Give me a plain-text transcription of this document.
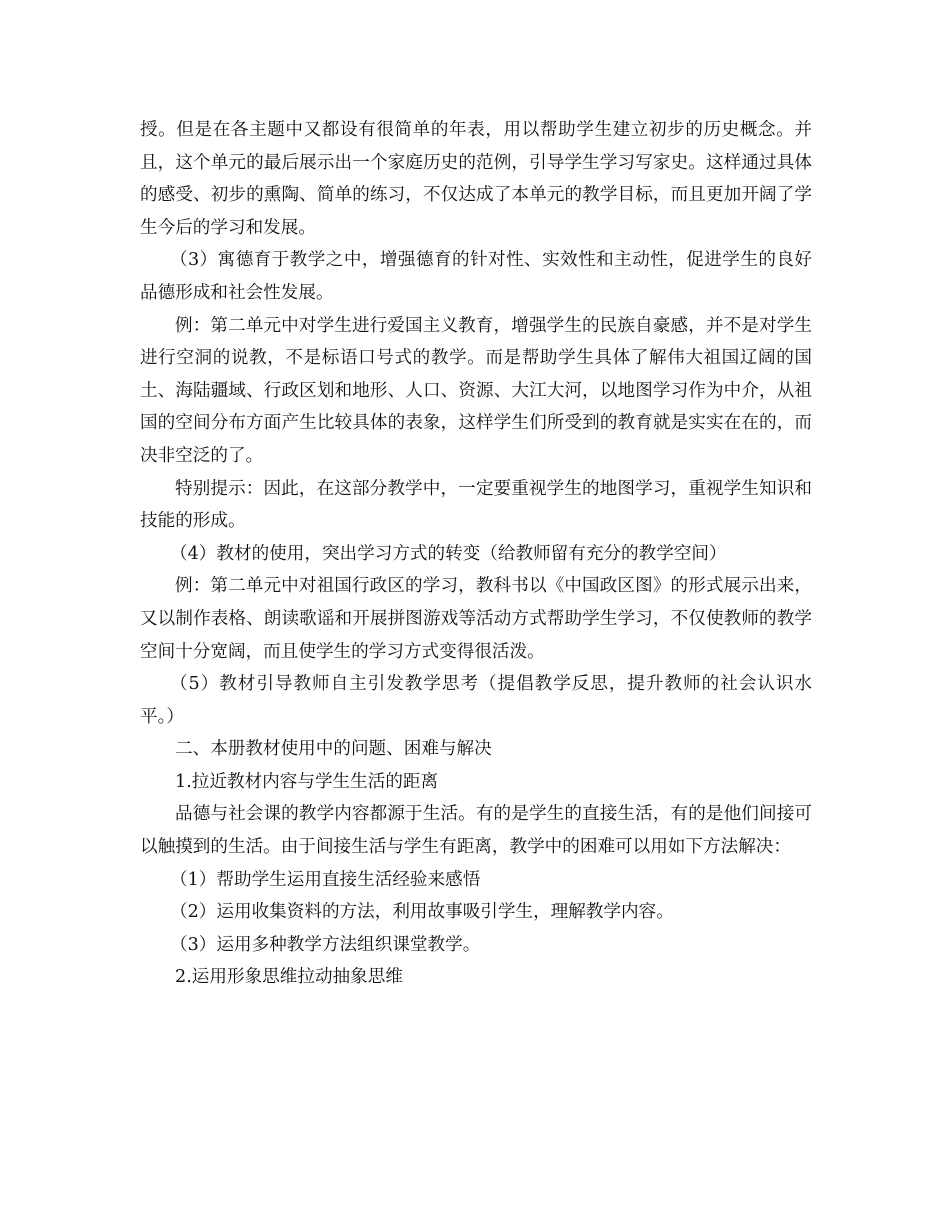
授。但是在各主题中又都设有很简单的年表，用以帮助学生建立初步的历史概念。并且，这个单元的最后展示出一个家庭历史的范例，引导学生学习写家史。这样通过具体的感受、初步的熏陶、简单的练习，不仅达成了本单元的教学目标，而且更加开阔了学生今后的学习和发展。

（3）寓德育于教学之中，增强德育的针对性、实效性和主动性，促进学生的良好品德形成和社会性发展。

例：第二单元中对学生进行爱国主义教育，增强学生的民族自豪感，并不是对学生进行空洞的说教，不是标语口号式的教学。而是帮助学生具体了解伟大祖国辽阔的国土、海陆疆域、行政区划和地形、人口、资源、大江大河，以地图学习作为中介，从祖国的空间分布方面产生比较具体的表象，这样学生们所受到的教育就是实实在在的，而决非空泛的了。

特别提示：因此，在这部分教学中，一定要重视学生的地图学习，重视学生知识和技能的形成。

（4）教材的使用，突出学习方式的转变（给教师留有充分的教学空间）

例：第二单元中对祖国行政区的学习，教科书以《中国政区图》的形式展示出来，又以制作表格、朗读歌谣和开展拼图游戏等活动方式帮助学生学习，不仅使教师的教学空间十分宽阔，而且使学生的学习方式变得很活泼。

（5）教材引导教师自主引发教学思考（提倡教学反思，提升教师的社会认识水平。）

二、本册教材使用中的问题、困难与解决

1.拉近教材内容与学生生活的距离

品德与社会课的教学内容都源于生活。有的是学生的直接生活，有的是他们间接可以触摸到的生活。由于间接生活与学生有距离，教学中的困难可以用如下方法解决：

（1）帮助学生运用直接生活经验来感悟

（2）运用收集资料的方法，利用故事吸引学生，理解教学内容。

（3）运用多种教学方法组织课堂教学。

2.运用形象思维拉动抽象思维
